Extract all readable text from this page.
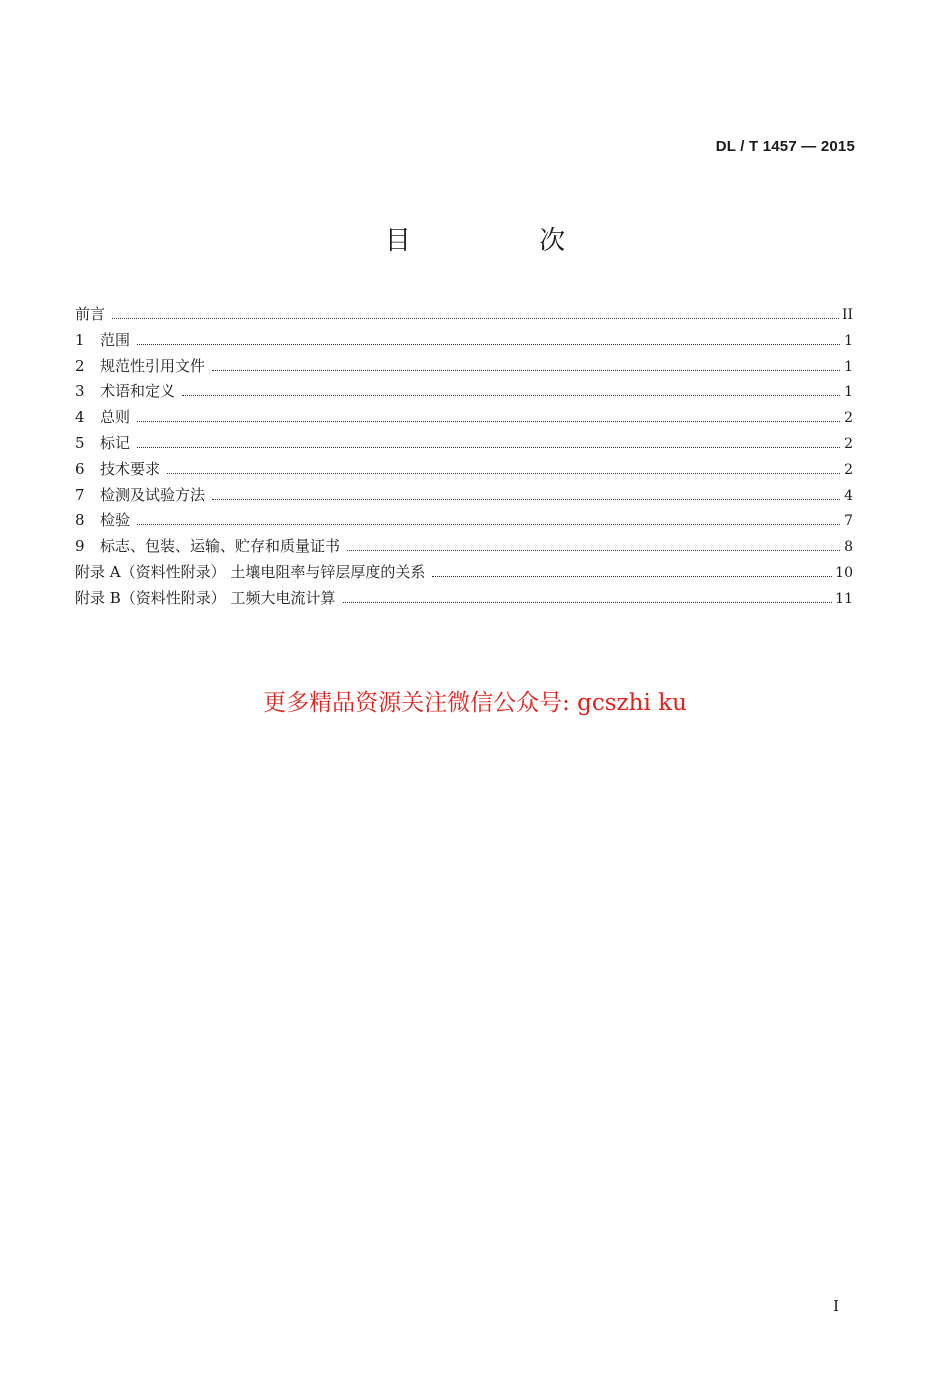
DL / T 1457 — 2015
目 次
前言	II
1	范围	1
2	规范性引用文件	1
3	术语和定义	1
4	总则	2
5	标记	2
6	技术要求	2
7	检测及试验方法	4
8	检验	7
9	标志、包装、运输、贮存和质量证书	8
附录 A（资料性附录） 土壤电阻率与锌层厚度的关系	10
附录 B（资料性附录） 工频大电流计算	11
更多精品资源关注微信公众号: gcszhi ku
I
